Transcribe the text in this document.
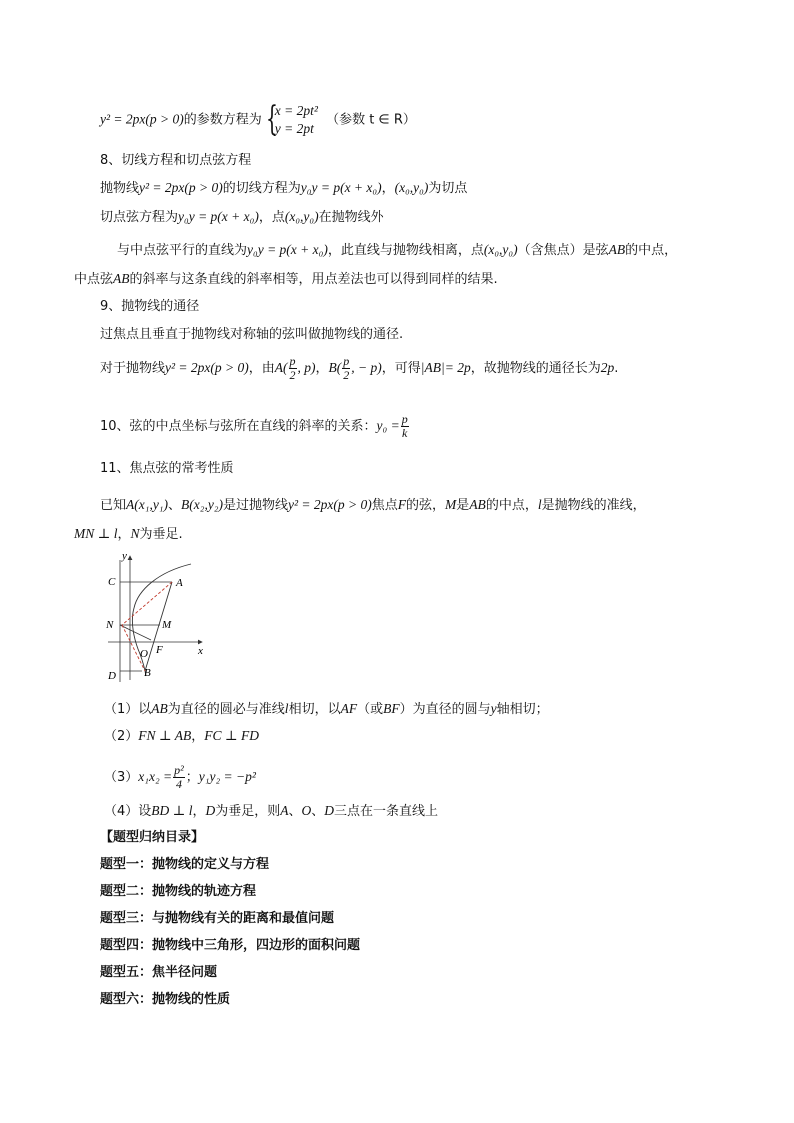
y² = 2px(p > 0)的参数方程为 {
x = 2pt²
y = 2pt
（参数 t ∈ R）
8、切线方程和切点弦方程
抛物线y² = 2px(p > 0)的切线方程为y₀y = p(x + x₀)，(x₀,y₀)为切点
切点弦方程为y₀y = p(x + x₀)，点(x₀,y₀)在抛物线外
与中点弦平行的直线为y₀y = p(x + x₀)，此直线与抛物线相离，点(x₀,y₀)（含焦点）是弦AB的中点，
中点弦AB的斜率与这条直线的斜率相等，用点差法也可以得到同样的结果.
9、抛物线的通径
过焦点且垂直于抛物线对称轴的弦叫做抛物线的通径.
对于抛物线y² = 2px(p > 0)，由$A( \frac{p}{2}$ , p)，$B( \frac{p}{2}$ , − p)，可得|AB|= 2p，故抛物线的通径长为2p.
10、弦的中点坐标与弦所在直线的斜率的关系：$y_0 = \frac{p}{k}$
11、焦点弦的常考性质
已知A(x₁,y₁)、B(x₂,y₂)是过抛物线y² = 2px(p > 0)焦点F的弦，M是AB的中点，l是抛物线的准线，
MN ⊥ l，N为垂足.
y
x
C	A
N	M
O F
D	B
（1）以AB为直径的圆必与准线l相切，以AF（或BF）为直径的圆与y轴相切；
（2）FN ⊥ AB，FC ⊥ FD
$(3)x_1x_2 = \frac{\text{p²}}{4}$ ；y₁y₂ = −p²
（4）设BD ⊥ l，D为垂足，则A、O、D三点在一条直线上
【题型归纳目录】
题型一：抛物线的定义与方程
题型二：抛物线的轨迹方程
题型三：与抛物线有关的距离和最值问题
题型四：抛物线中三角形，四边形的面积问题
题型五：焦半径问题
题型六：抛物线的性质
